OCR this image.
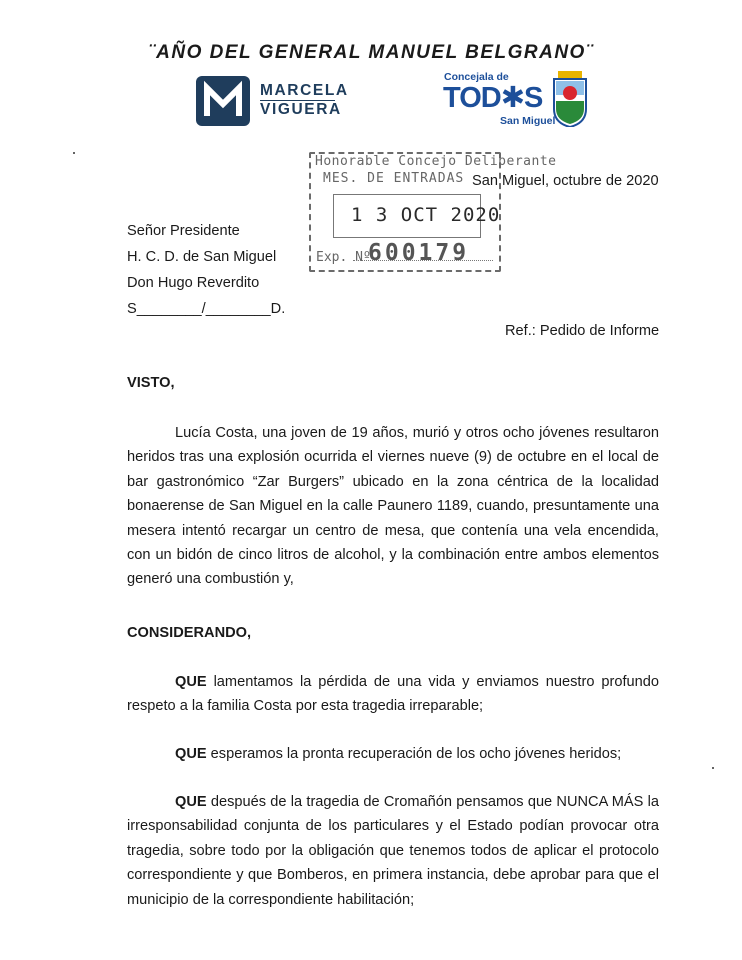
¨AÑO DEL GENERAL MANUEL BELGRANO¨
MARCELA
VIGUERA
Concejala de
TOD✱S
San Miguel
Honorable Concejo Deliberante
MES. DE ENTRADAS
1 3 OCT 2020
Exp. Nº
600179
San Miguel, octubre de 2020
Señor Presidente
H. C. D. de San Miguel
Don Hugo Reverdito
S________/________D.
Ref.: Pedido de Informe
VISTO,

Lucía Costa, una joven de 19 años, murió y otros ocho jóvenes resultaron heridos tras una explosión ocurrida el viernes nueve (9) de octubre en el local de bar gastronómico “Zar Burgers” ubicado en la zona céntrica de la localidad bonaerense de San Miguel en la calle Paunero 1189, cuando, presuntamente una mesera intentó recargar un centro de mesa, que contenía una vela encendida, con un bidón de cinco litros de alcohol, y la combinación entre ambos elementos generó una combustión y,

CONSIDERANDO,

QUE lamentamos la pérdida de una vida y enviamos nuestro profundo respeto a la familia Costa por esta tragedia irreparable;

QUE esperamos la pronta recuperación de los ocho jóvenes heridos;

QUE después de la tragedia de Cromañón pensamos que NUNCA MÁS la irresponsabilidad conjunta de los particulares y el Estado podían provocar otra tragedia, sobre todo por la obligación que tenemos todos de aplicar el protocolo correspondiente y que Bomberos, en primera instancia, debe aprobar para que el municipio de la correspondiente habilitación;
